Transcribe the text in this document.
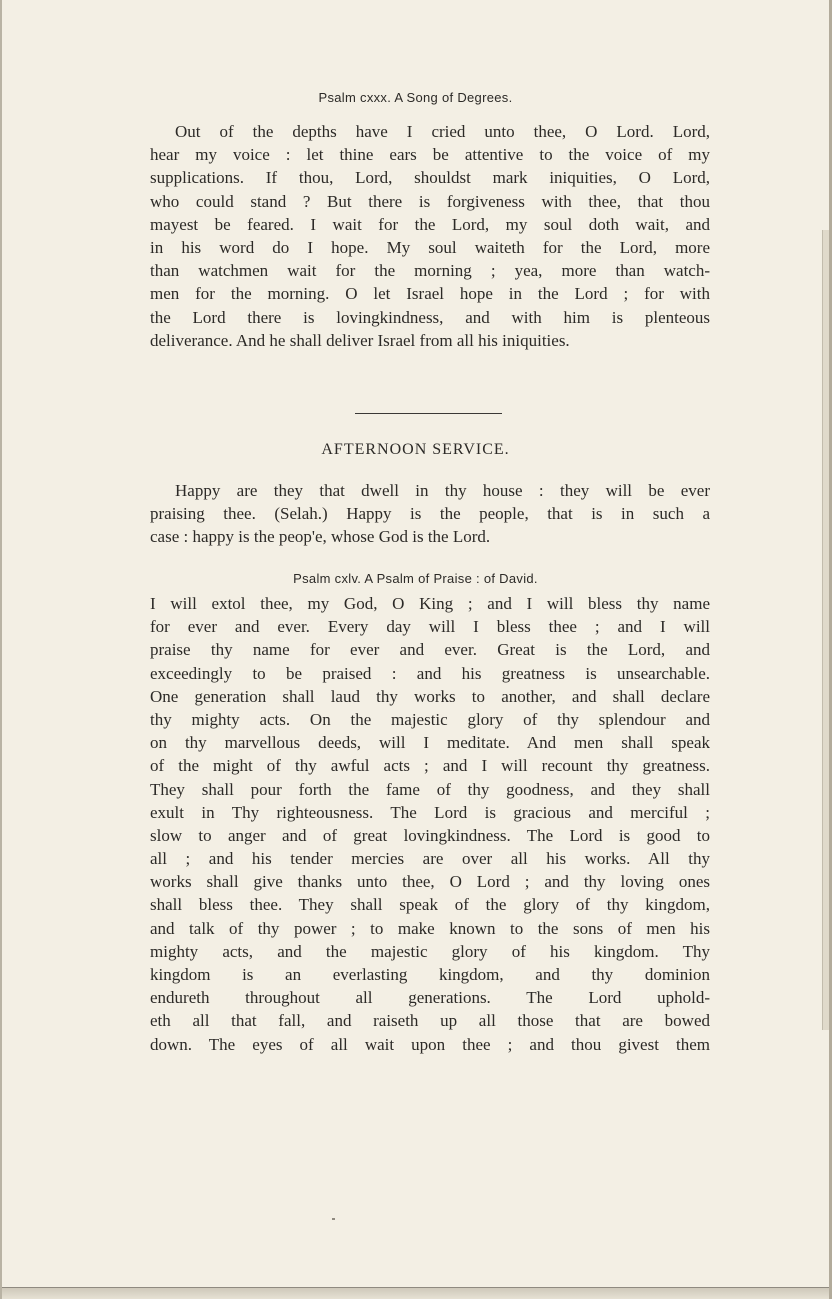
Psalm cxxx. A Song of Degrees.
Out of the depths have I cried unto thee, O Lord. Lord,
hear my voice : let thine ears be attentive to the voice of my
supplications. If thou, Lord, shouldst mark iniquities, O Lord,
who could stand ? But there is forgiveness with thee, that thou
mayest be feared. I wait for the Lord, my soul doth wait, and
in his word do I hope. My soul waiteth for the Lord, more
than watchmen wait for the morning ; yea, more than watch-
men for the morning. O let Israel hope in the Lord ; for with
the Lord there is lovingkindness, and with him is plenteous
deliverance. And he shall deliver Israel from all his iniquities.
AFTERNOON SERVICE.
Happy are they that dwell in thy house : they will be ever
praising thee. (Selah.) Happy is the people, that is in such a
case : happy is the peop'e, whose God is the Lord.
Psalm cxlv. A Psalm of Praise : of David.
I will extol thee, my God, O King ; and I will bless thy name
for ever and ever. Every day will I bless thee ; and I will
praise thy name for ever and ever. Great is the Lord, and
exceedingly to be praised : and his greatness is unsearchable.
One generation shall laud thy works to another, and shall declare
thy mighty acts. On the majestic glory of thy splendour and
on thy marvellous deeds, will I meditate. And men shall speak
of the might of thy awful acts ; and I will recount thy greatness.
They shall pour forth the fame of thy goodness, and they shall
exult in Thy righteousness. The Lord is gracious and merciful ;
slow to anger and of great lovingkindness. The Lord is good to
all ; and his tender mercies are over all his works. All thy
works shall give thanks unto thee, O Lord ; and thy loving ones
shall bless thee. They shall speak of the glory of thy kingdom,
and talk of thy power ; to make known to the sons of men his
mighty acts, and the majestic glory of his kingdom. Thy
kingdom is an everlasting kingdom, and thy dominion
endureth throughout all generations. The Lord uphold-
eth all that fall, and raiseth up all those that are bowed
down. The eyes of all wait upon thee ; and thou givest them
